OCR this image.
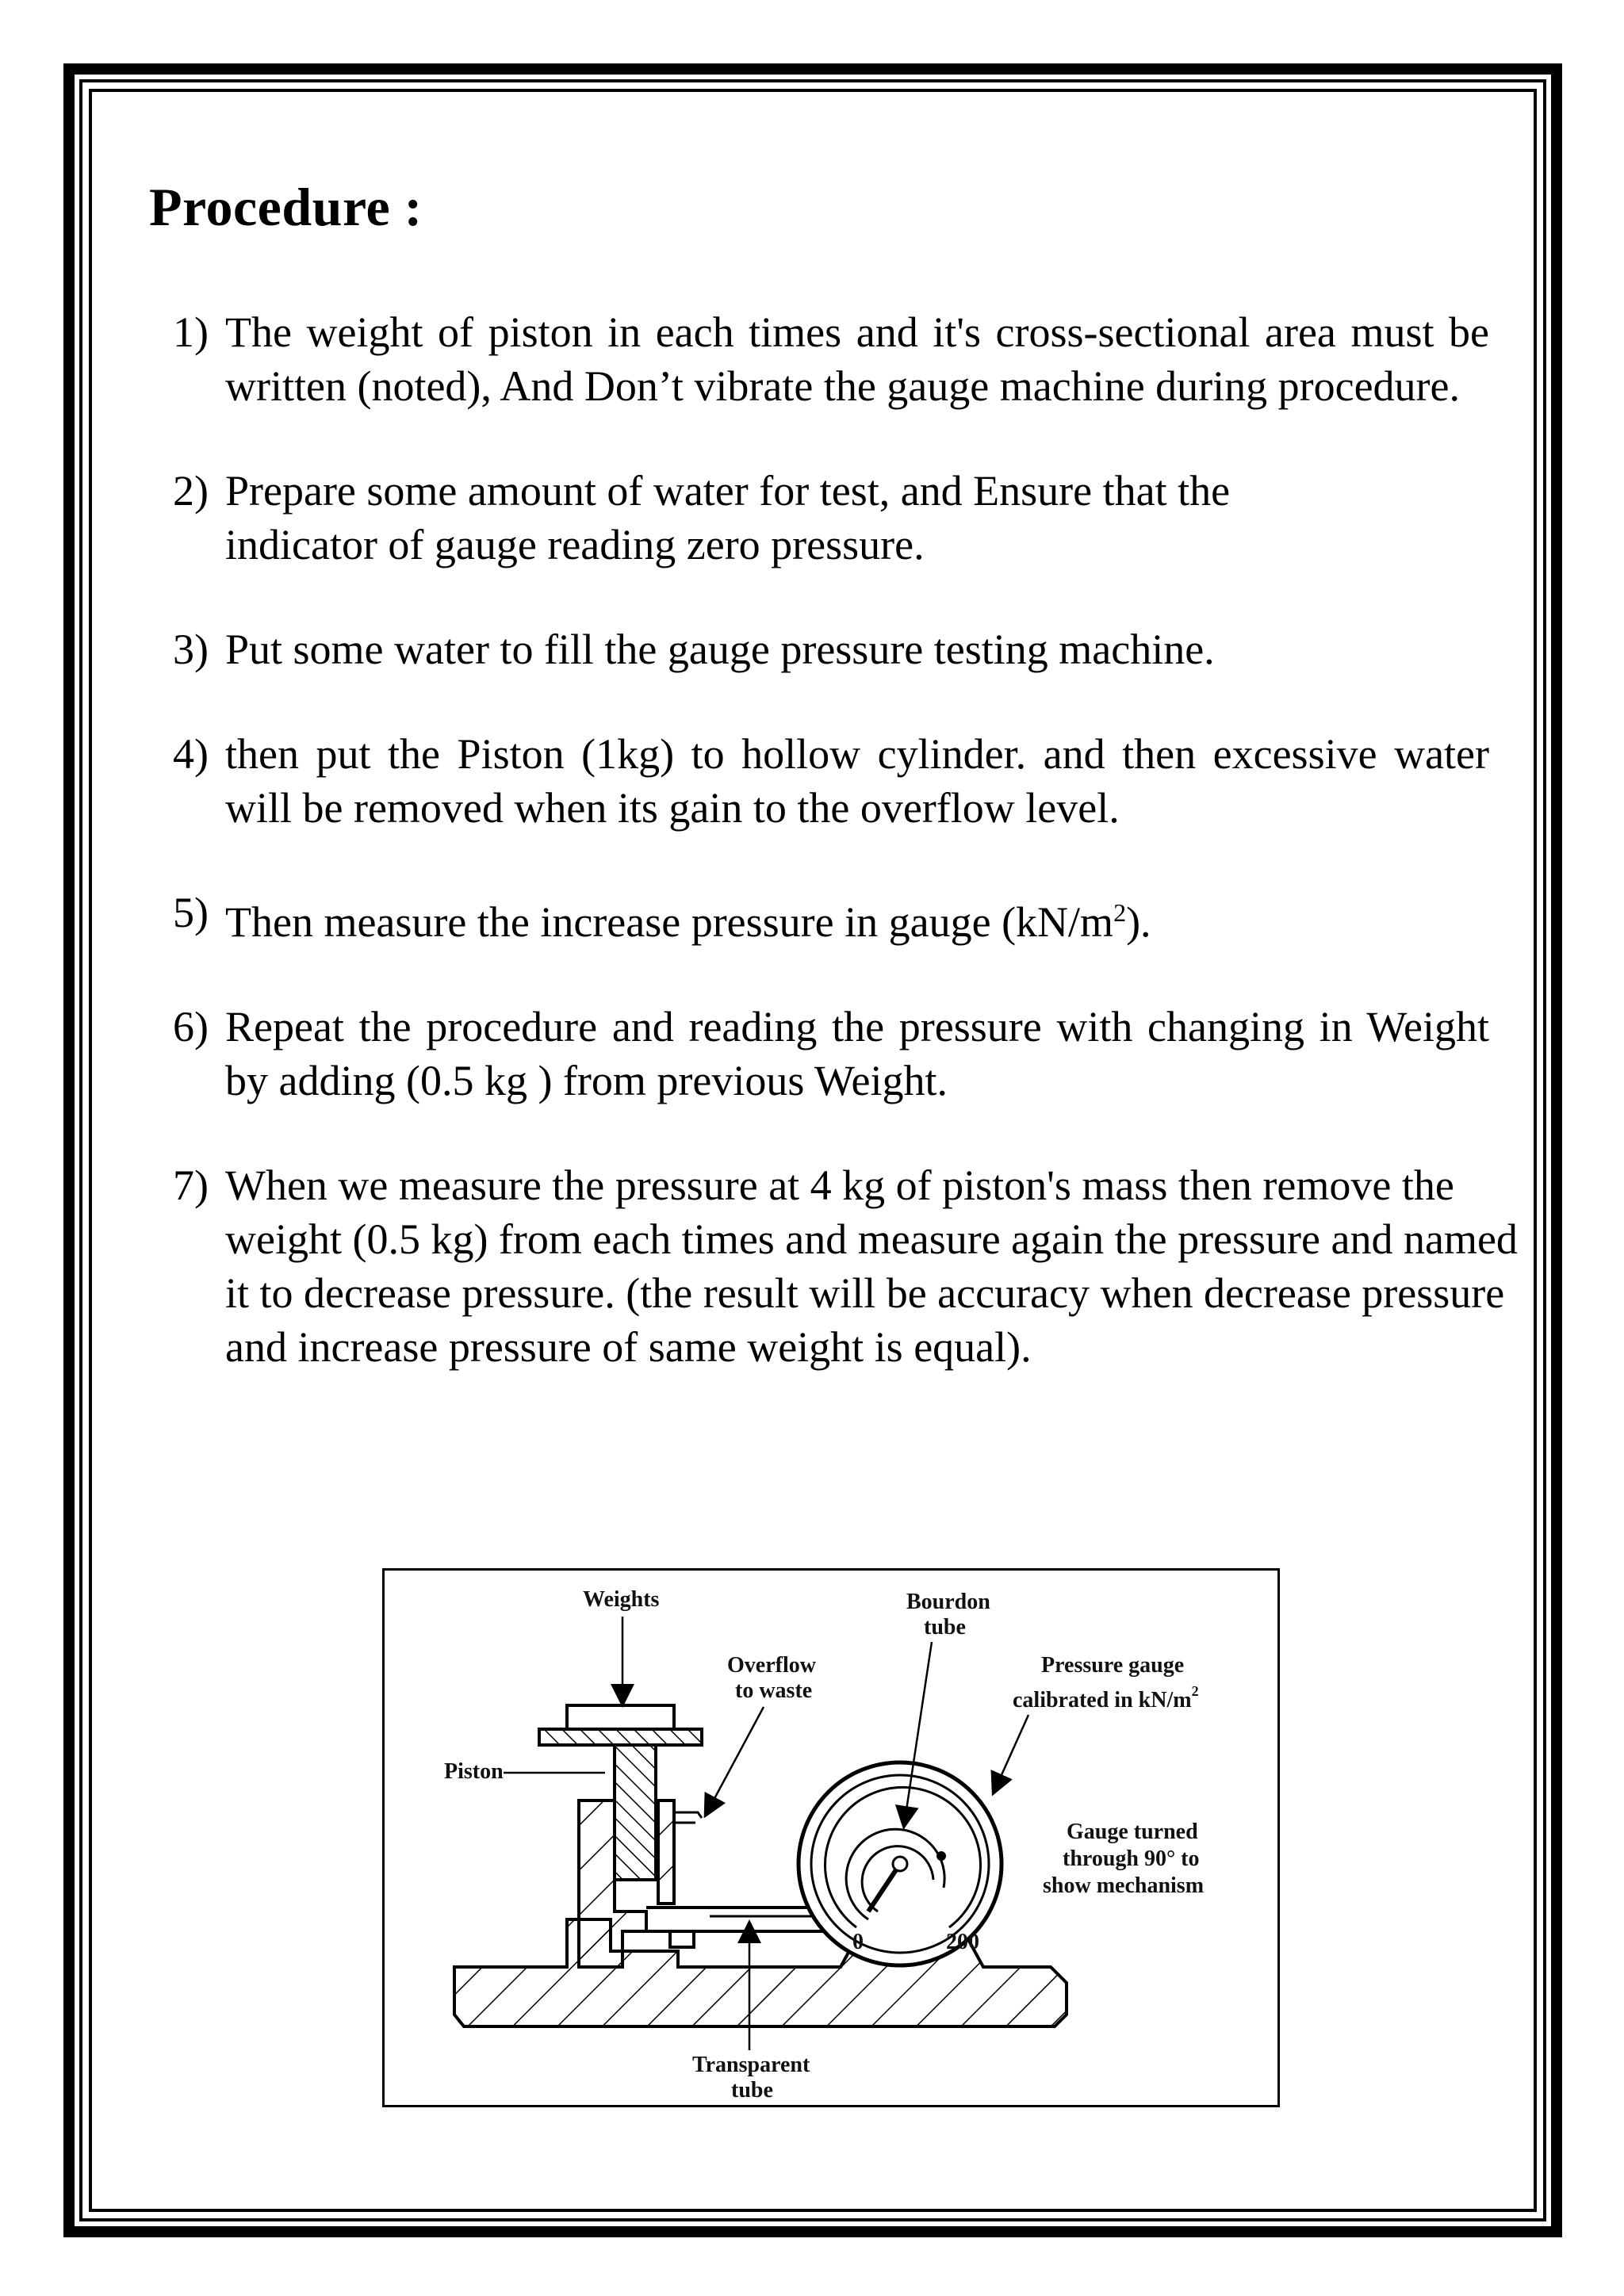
Procedure :
1) The weight of piston in each times and it's cross-sectional area must be written (noted), And Don’t vibrate the gauge machine during procedure.
2) Prepare some amount of water for test, and Ensure that the indicator of gauge reading zero pressure.
3) Put some water to fill the gauge pressure testing machine.
4) then put the Piston (1kg) to hollow cylinder. and then excessive water will be removed when its gain to the overflow level.
5) Then measure the increase pressure in gauge $(kN/m^2)$.
6) Repeat the procedure and reading the pressure with changing in Weight by adding (0.5 kg ) from previous Weight.
7) When we measure the pressure at 4 kg of piston's mass then remove the weight (0.5 kg) from each times and measure again the pressure and named it to decrease pressure. (the result will be accuracy when decrease pressure and increase pressure of same weight is equal).
Weights	Bourdon
tube
Overflow
to waste
Pressure gauge
calibrated in $kN/m^2$
Piston
Gauge turned
through 90° to
show mechanism
0	200
Transparent
tube
